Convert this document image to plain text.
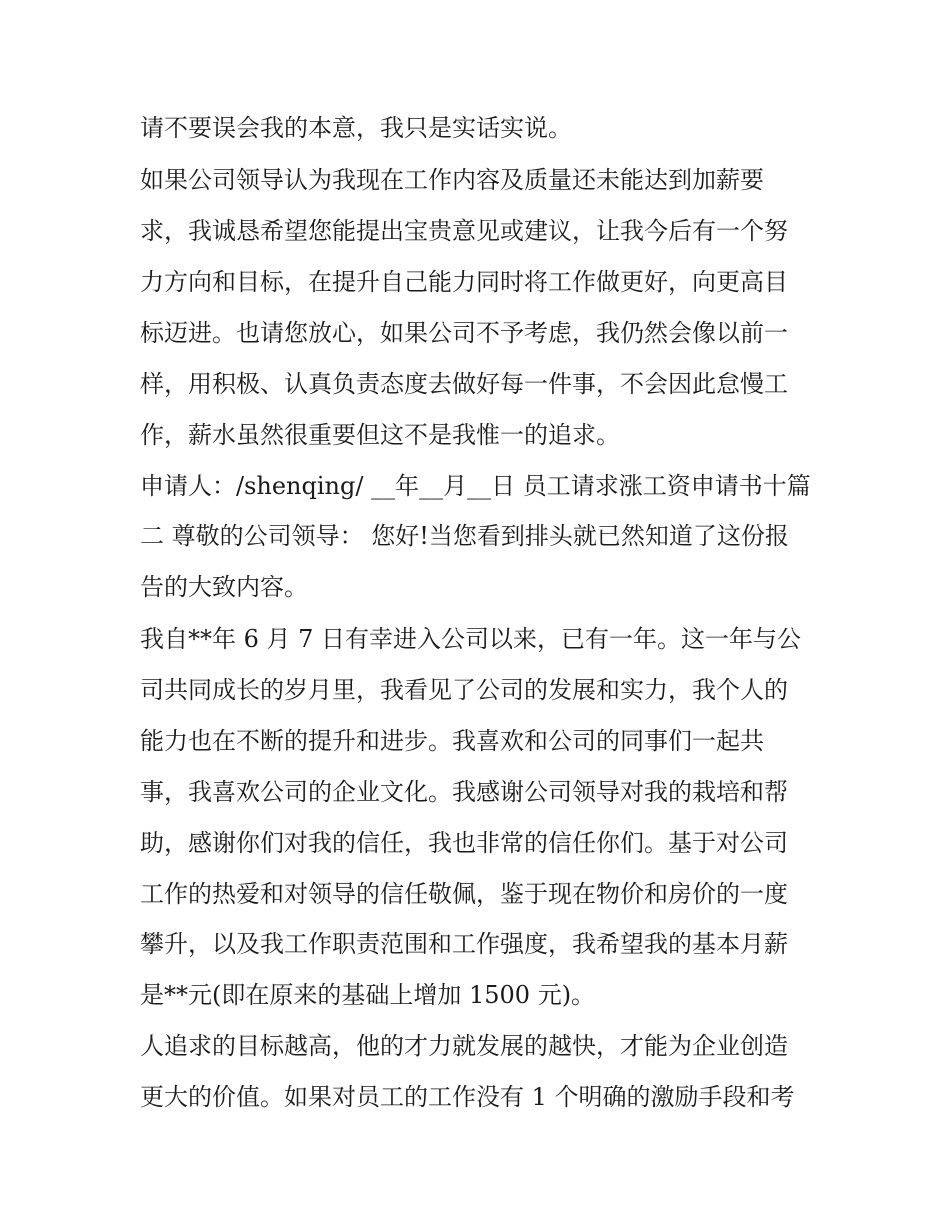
请不要误会我的本意，我只是实话实说。
如果公司领导认为我现在工作内容及质量还未能达到加薪要
求，我诚恳希望您能提出宝贵意见或建议，让我今后有一个努
力方向和目标，在提升自己能力同时将工作做更好，向更高目
标迈进。也请您放心，如果公司不予考虑，我仍然会像以前一
样，用积极、认真负责态度去做好每一件事，不会因此怠慢工
作，薪水虽然很重要但这不是我惟一的追求。
申请人：/shenqing/ __年__月__日 员工请求涨工资申请书十篇
二 尊敬的公司领导： 您好!当您看到排头就已然知道了这份报
告的大致内容。
我自**年 6 月 7 日有幸进入公司以来，已有一年。这一年与公
司共同成长的岁月里，我看见了公司的发展和实力，我个人的
能力也在不断的提升和进步。我喜欢和公司的同事们一起共
事，我喜欢公司的企业文化。我感谢公司领导对我的栽培和帮
助，感谢你们对我的信任，我也非常的信任你们。基于对公司
工作的热爱和对领导的信任敬佩，鉴于现在物价和房价的一度
攀升，以及我工作职责范围和工作强度，我希望我的基本月薪
是**元(即在原来的基础上增加 1500 元)。
人追求的目标越高，他的才力就发展的越快，才能为企业创造
更大的价值。如果对员工的工作没有 1 个明确的激励手段和考
